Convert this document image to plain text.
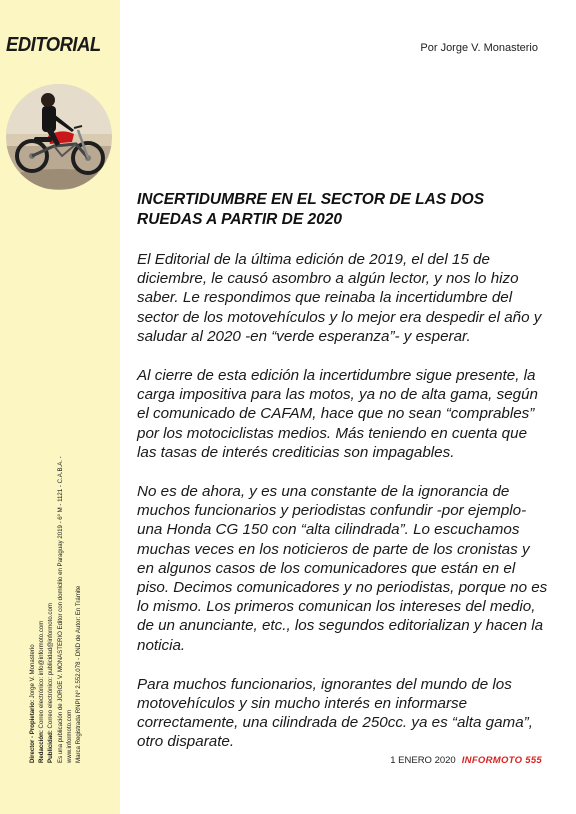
EDITORIAL
Director - Propietario: Jorge V. Monasterio
Redacción: Correo electrónico: info@informoto.com
Publicidad: Correo electrónico: publicidad@informoto.com Es una publicación de JORGE V. MONASTERIO Editor con domicilio en Paraguay 2019 - 6º M - 1121 - C.A.B.A. - www.informoto.com Marca Registrada RNPI Nº 2.552.078 - DND de Autor: En Trámite
Por Jorge V. Monasterio
INCERTIDUMBRE EN EL SECTOR DE LAS DOS RUEDAS A PARTIR DE 2020

El Editorial de la última edición de 2019, el del 15 de diciembre, le causó asombro a algún lector, y nos lo hizo saber. Le respondimos que reinaba la incertidumbre del sector de los motovehículos y lo mejor era despedir el año y saludar al 2020 -en “verde esperanza”- y esperar.

Al cierre de esta edición la incertidumbre sigue presente, la carga impositiva para las motos, ya no de alta gama, según el comunicado de CAFAM, hace que no sean “comprables” por los motociclistas medios. Más teniendo en cuenta que las tasas de interés crediticias son impagables.

No es de ahora, y es una constante de la ignorancia de muchos funcionarios y periodistas confundir -por ejemplo- una Honda CG 150 con “alta cilindrada”. Lo escuchamos muchas veces en los noticieros de parte de los cronistas y en algunos casos de los comunicadores que están en el piso. Decimos comunicadores y no periodistas, porque no es lo mismo. Los primeros comunican los intereses del medio, de un anunciante, etc., los segundos editorializan y hacen la noticia.

Para muchos funcionarios, ignorantes del mundo de los motovehículos y sin mucho interés en informarse correctamente, una cilindrada de 250cc. ya es “alta gama”, otro disparate.

1 ENERO 2020 INFORMOTO 555
